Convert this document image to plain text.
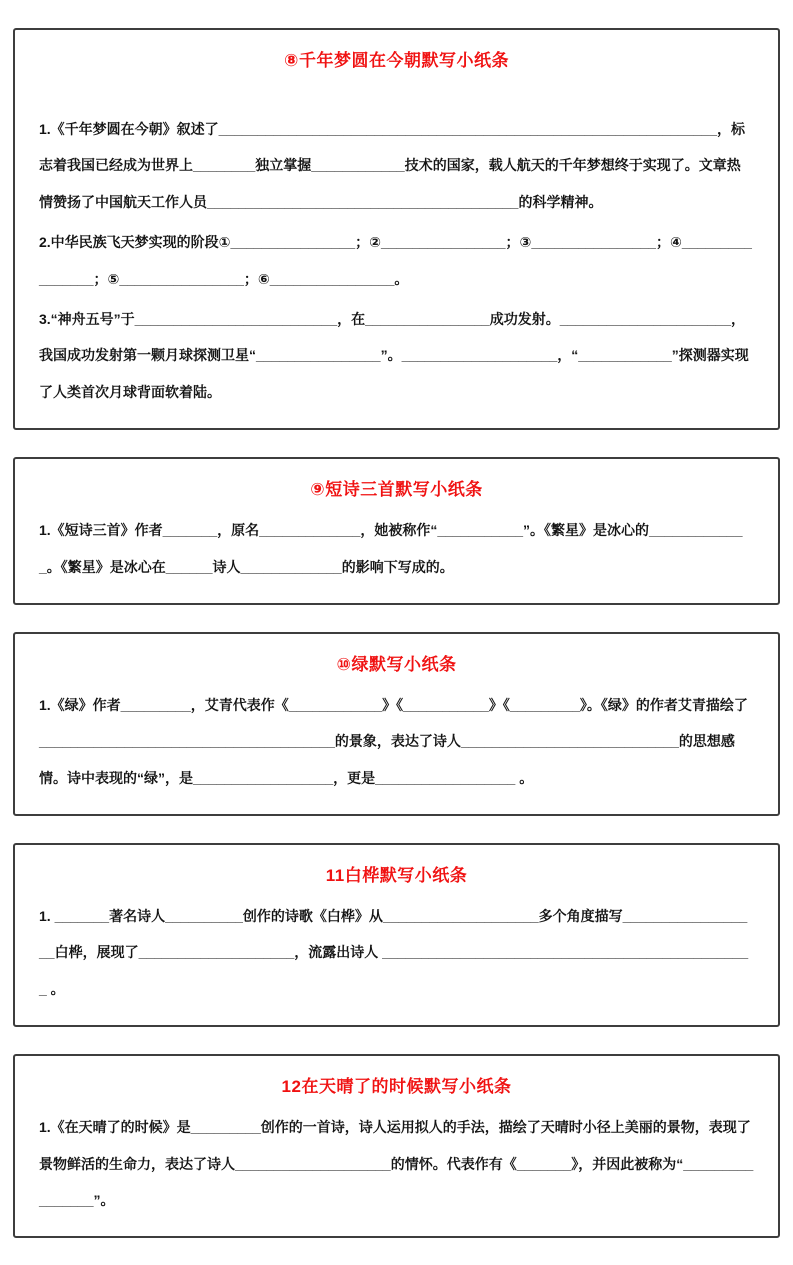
⑧千年梦圆在今朝默写小纸条

1.《千年梦圆在今朝》叙述了________________________________________________________________，标志着我国已经成为世界上________独立掌握____________技术的国家，载人航天的千年梦想终于实现了。文章热情赞扬了中国航天工作人员________________________________________的科学精神。

2.中华民族飞天梦实现的阶段①________________；②________________；③________________；④________________；⑤________________；⑥________________。

3.“神舟五号”于__________________________，在________________成功发射。______________________，我国成功发射第一颗月球探测卫星“________________”。____________________，“____________”探测器实现了人类首次月球背面软着陆。

⑨短诗三首默写小纸条

1.《短诗三首》作者_______，原名_____________，她被称作“___________”。《繁星》是冰心的_____________。《繁星》是冰心在______诗人_____________的影响下写成的。

⑩绿默写小纸条

1.《绿》作者_________，艾青代表作《____________》《___________》《_________》。《绿》的作者艾青描绘了______________________________________的景象，表达了诗人____________________________的思想感情。诗中表现的“绿”，是__________________，更是__________________ 。

11白桦默写小纸条

1. _______著名诗人__________创作的诗歌《白桦》从____________________多个角度描写__________________白桦，展现了____________________，流露出诗人 ________________________________________________ 。

12在天晴了的时候默写小纸条

1.《在天晴了的时候》是_________创作的一首诗，诗人运用拟人的手法，描绘了天晴时小径上美丽的景物，表现了景物鲜活的生命力，表达了诗人____________________的情怀。代表作有《_______》，并因此被称为“________________”。
